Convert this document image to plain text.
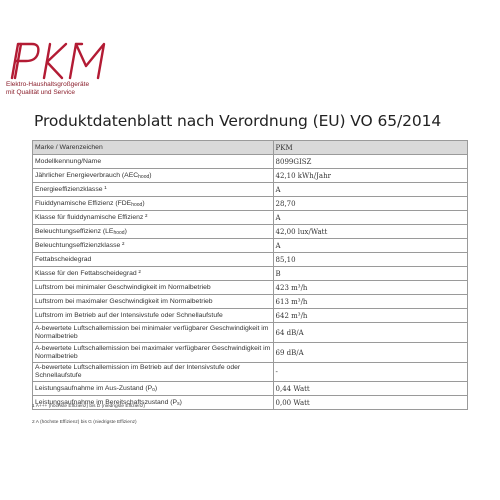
PKM
Elektro-Haushaltsgroßgeräte
mit Qualität und Service
Produktdatenblatt nach Verordnung (EU) VO 65/2014
Marke / Warenzeichen	PKM
Modellkennung/Name	8099GISZ
Jährlicher Energieverbrauch $(AEC_{hood})$	42,10 kWh/Jahr
Energieeffizienzklasse ¹	A
Fluiddynamische Effizienz $(FDE_{hood})$	28,70
Klasse für fluiddynamische Effizienz ²	A
Beleuchtungseffizienz $(LE_{hood})$	42,00 lux/Watt
Beleuchtungseffizienzklasse ²	A
Fettabscheidegrad	85,10
Klasse für den Fettabscheidegrad ²	B
Luftstrom bei minimaler Geschwindigkeit im Normalbetrieb	423 m³/h
Luftstrom bei maximaler Geschwindigkeit im Normalbetrieb	613 m³/h
Luftstrom im Betrieb auf der Intensivstufe oder Schnellaufstufe	642 m³/h
A-bewertete Luftschallemission bei minimaler verfügbarer Geschwindigkeit im Normalbetrieb	64 dB/A
A-bewertete Luftschallemission bei maximaler verfügbarer Geschwindigkeit im Normalbetrieb	69 dB/A
A-bewertete Luftschallemission im Betrieb auf der Intensivstufe oder Schnellaufstufe	-
Leistungsaufnahme im Aus-Zustand $(P_o)$	0,44 Watt
Leistungsaufnahme im Bereitschaftszustand $(P_s)$	0,00 Watt
1 A+++ (höchste Effizienz) bis D (niedrigste Effizienz)
2 A (höchste Effizienz) bis G (niedrigste Effizienz)
